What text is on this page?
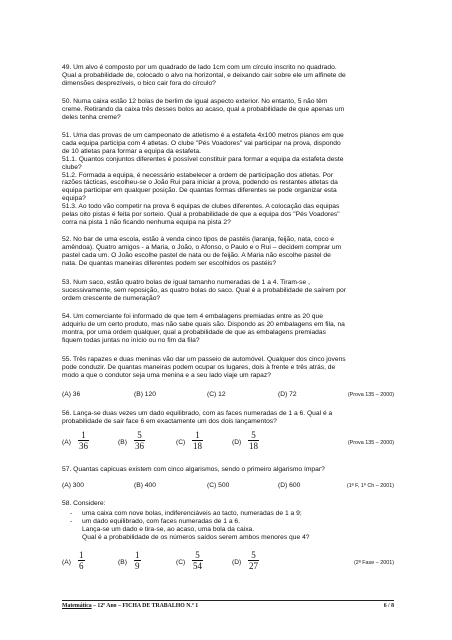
49. Um alvo é composto por um quadrado de lado 1cm com um círculo inscrito no quadrado.
Qual a probabilidade de, colocado o alvo na horizontal, e deixando cair sobre ele um alfinete de
dimensões desprezíveis, o bico cair fora do círculo?
50. Numa caixa estão 12 bolas de berlim de igual aspecto exterior. No entanto, 5 não têm
creme. Retirando da caixa três desses bolos ao acaso, qual a probabilidade de que apenas um
deles tenha creme?
51. Uma das provas de um campeonato de atletismo é a estafeta 4x100 metros planos em que
cada equipa participa com 4 atletas. O clube "Pés Voadores" vai participar na prova, dispondo
de 10 atletas para formar a equipa da estafeta.
51.1. Quantos conjuntos diferentes é possível constituir para formar a equipa da estafeta deste
clube?
51.2. Formada a equipa, é necessário estabelecer a ordem de participação dos atletas. Por
razões tácticas, escolheu-se o João Rui para iniciar a prova, podendo os restantes atletas da
equipa participar em qualquer posição. De quantas formas diferentes se pode organizar esta
equipa?
51.3. Ao todo vão competir na prova 6 equipas de clubes diferentes. A colocação das equipas
pelas oito pistas é feita por sorteio. Qual a probabilidade de que a equipa dos "Pés Voadores"
corra na pista 1 não ficando nenhuma equipa na pista 2?
52. No bar de uma escola, estão à venda cinco tipos de pastéis (laranja, feijão, nata, coco e
amêndoa). Quatro amigos - a Maria, o João, o Afonso, o Paulo e o Rui – decidem comprar um
pastel cada um. O João escolhe pastel de nata ou de feijão. A Maria não escolhe pastel de
nata. De quantas maneiras diferentes podem ser escolhidos os pastéis?
53. Num saco, estão quatro bolas de igual tamanho numeradas de 1 a 4. Tiram-se ,
sucessivamente, sem reposição, as quatro bolas do saco. Qual é a probabilidade de saírem por
ordem crescente de numeração?
54. Um comerciante foi informado de que tem 4 embalagens premiadas entre as 20 que
adquiriu de um certo produto, mas não sabe quais são. Dispondo as 20 embalagens em fila, na
montra, por uma ordem qualquer, qual a probabilidade de que as embalagens premiadas
fiquem todas juntas no início ou no fim da fila?
55. Três rapazes e duas meninas vão dar um passeio de automóvel. Qualquer dos cinco jovens
pode conduzir. De quantas maneiras podem ocupar os lugares, dois à frente e três atrás, de
modo a que o condutor seja uma menina e a seu lado viaje um rapaz?
(A) 36	(B) 120	(C) 12	(D) 72	(Prova 135 – 2000)
56. Lança-se duas vezes um dado equilibrado, com as faces numeradas de 1 a 6. Qual é a
probabilidade de sair face 6 em exactamente um dos dois lançamentos?
(A)
1
36	(B)
5
36	(C)
1
18	(D)
5
18	(Prova 135 – 2000)
57. Quantas capicuas existem com cinco algarismos, sendo o primeiro algarismo ímpar?
(A) 300	(B) 400	(C) 500	(D) 600	(1ª F, 1º Ch – 2001)
58. Considere:
- uma caixa com nove bolas, indiferenciáveis ao tacto, numeradas de 1 a 9;
- um dado equilibrado, com faces numeradas de 1 a 6.
Lança-se um dado e tira-se, ao acaso, uma bola da caixa.
Qual é a probabilidade de os números saídos serem ambos menores que 4?
(A)
1
6	(B)
1
9	(C)
5
54	(D)
5
27	(2ª Fase – 2001)
Matemática – 12º Ano – FICHA DE TRABALHO N.º 1	6 / 8
